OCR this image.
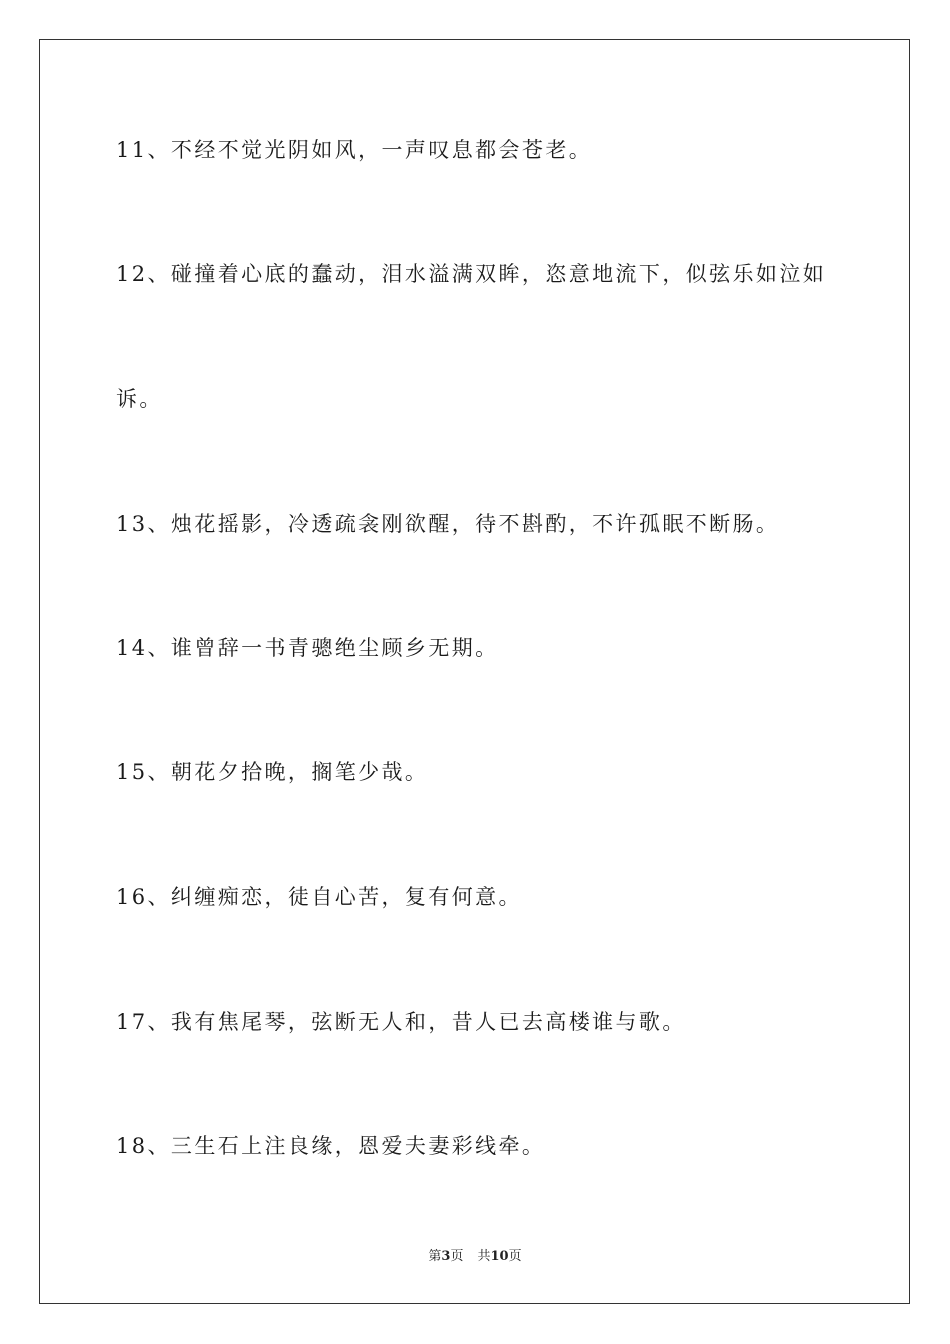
11、不经不觉光阴如风，一声叹息都会苍老。
12、碰撞着心底的蠢动，泪水溢满双眸，恣意地流下，似弦乐如泣如
诉。
13、烛花摇影，冷透疏衾刚欲醒，待不斟酌，不许孤眠不断肠。
14、谁曾辞一书青骢绝尘顾乡无期。
15、朝花夕拾晚，搁笔少哉。
16、纠缠痴恋，徒自心苦，复有何意。
17、我有焦尾琴，弦断无人和，昔人已去高楼谁与歌。
18、三生石上注良缘，恩爱夫妻彩线牵。
第3页 共10页
